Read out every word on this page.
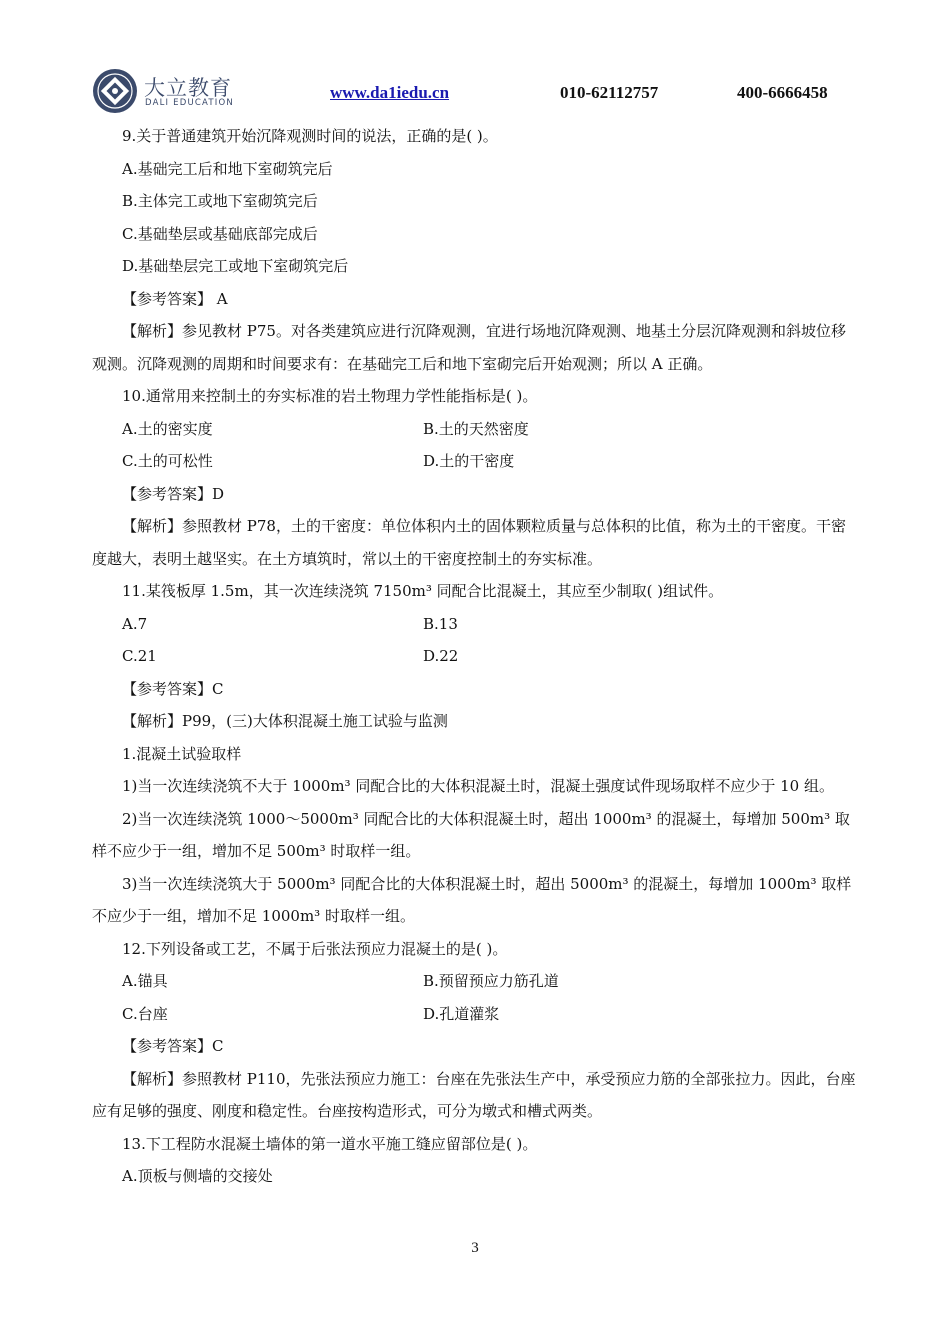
大立教育
DALI EDUCATION
www.da1iedu.cn	010-62112757	400-6666458

9.关于普通建筑开始沉降观测时间的说法，正确的是( )。

A.基础完工后和地下室砌筑完后

B.主体完工或地下室砌筑完后

C.基础垫层或基础底部完成后

D.基础垫层完工或地下室砌筑完后

【参考答案】 A

【解析】参见教材 P75。对各类建筑应进行沉降观测，宜进行场地沉降观测、地基土分层沉降观测和斜坡位移观测。沉降观测的周期和时间要求有：在基础完工后和地下室砌完后开始观测；所以 A 正确。

10.通常用来控制土的夯实标准的岩土物理力学性能指标是( )。

A.土的密实度	B.土的天然密度
C.土的可松性	D.土的干密度

【参考答案】D

【解析】参照教材 P78，土的干密度：单位体积内土的固体颗粒质量与总体积的比值，称为土的干密度。干密度越大，表明土越坚实。在土方填筑时，常以土的干密度控制土的夯实标准。

11.某筏板厚 1.5m，其一次连续浇筑 7150m³ 同配合比混凝土，其应至少制取( )组试件。

A.7	B.13
C.21	D.22

【参考答案】C

【解析】P99，(三)大体积混凝土施工试验与监测

1.混凝土试验取样

1)当一次连续浇筑不大于 1000m³ 同配合比的大体积混凝土时，混凝土强度试件现场取样不应少于 10 组。

2)当一次连续浇筑 1000～5000m³ 同配合比的大体积混凝土时，超出 1000m³ 的混凝土，每增加 500m³ 取样不应少于一组，增加不足 500m³ 时取样一组。

3)当一次连续浇筑大于 5000m³ 同配合比的大体积混凝土时，超出 5000m³ 的混凝土，每增加 1000m³ 取样不应少于一组，增加不足 1000m³ 时取样一组。

12.下列设备或工艺，不属于后张法预应力混凝土的是( )。

A.锚具	B.预留预应力筋孔道
C.台座	D.孔道灌浆

【参考答案】C

【解析】参照教材 P110，先张法预应力施工：台座在先张法生产中，承受预应力筋的全部张拉力。因此，台座应有足够的强度、刚度和稳定性。台座按构造形式，可分为墩式和槽式两类。

13.下工程防水混凝土墙体的第一道水平施工缝应留部位是( )。

A.顶板与侧墙的交接处

3
